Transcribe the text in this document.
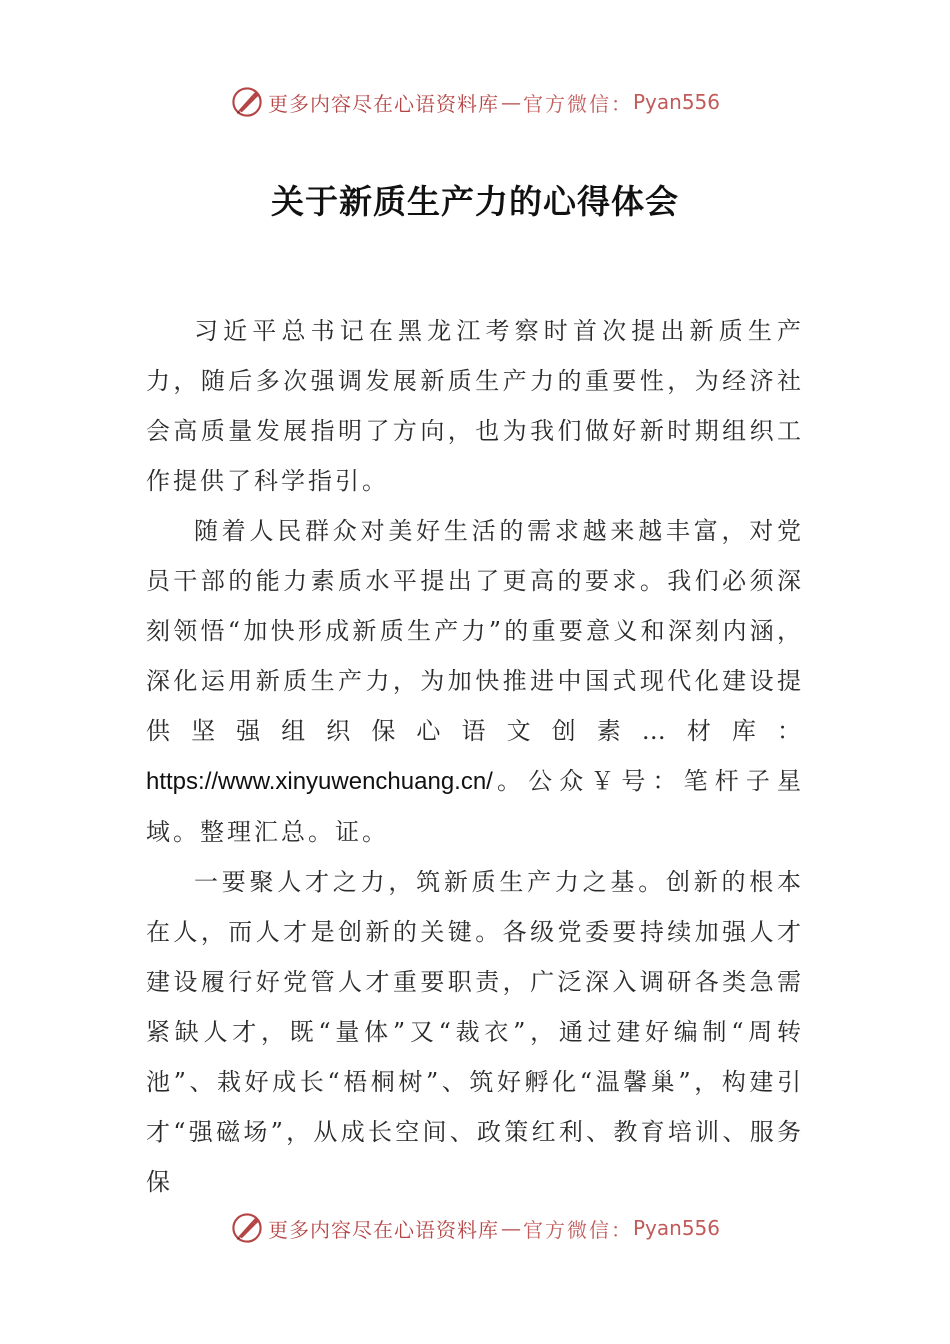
更多内容尽在心语资料库 — 官方微信： Pyan556
关于新质生产力的心得体会

习近平总书记在黑龙江考察时首次提出新质生产力，随后多次强调发展新质生产力的重要性，为经济社会高质量发展指明了方向，也为我们做好新时期组织工作提供了科学指引。

随着人民群众对美好生活的需求越来越丰富，对党员干部的能力素质水平提出了更高的要求。我们必须深刻领悟“加快形成新质生产力”的重要意义和深刻内涵，深化运用新质生产力，为加快推进中国式现代化建设提供坚强组织保心语文创素…材库：https://www.xinyuwenchuang.cn/。公众￥号：笔杆子星域。整理汇总。证。

一要聚人才之力，筑新质生产力之基。创新的根本在人，而人才是创新的关键。各级党委要持续加强人才建设履行好党管人才重要职责，广泛深入调研各类急需紧缺人才，既“量体”又“裁衣”，通过建好编制“周转池”、栽好成长“梧桐树”、筑好孵化“温馨巢”，构建引才“强磁场”，从成长空间、政策红利、教育培训、服务保

更多内容尽在心语资料库 — 官方微信： Pyan556
